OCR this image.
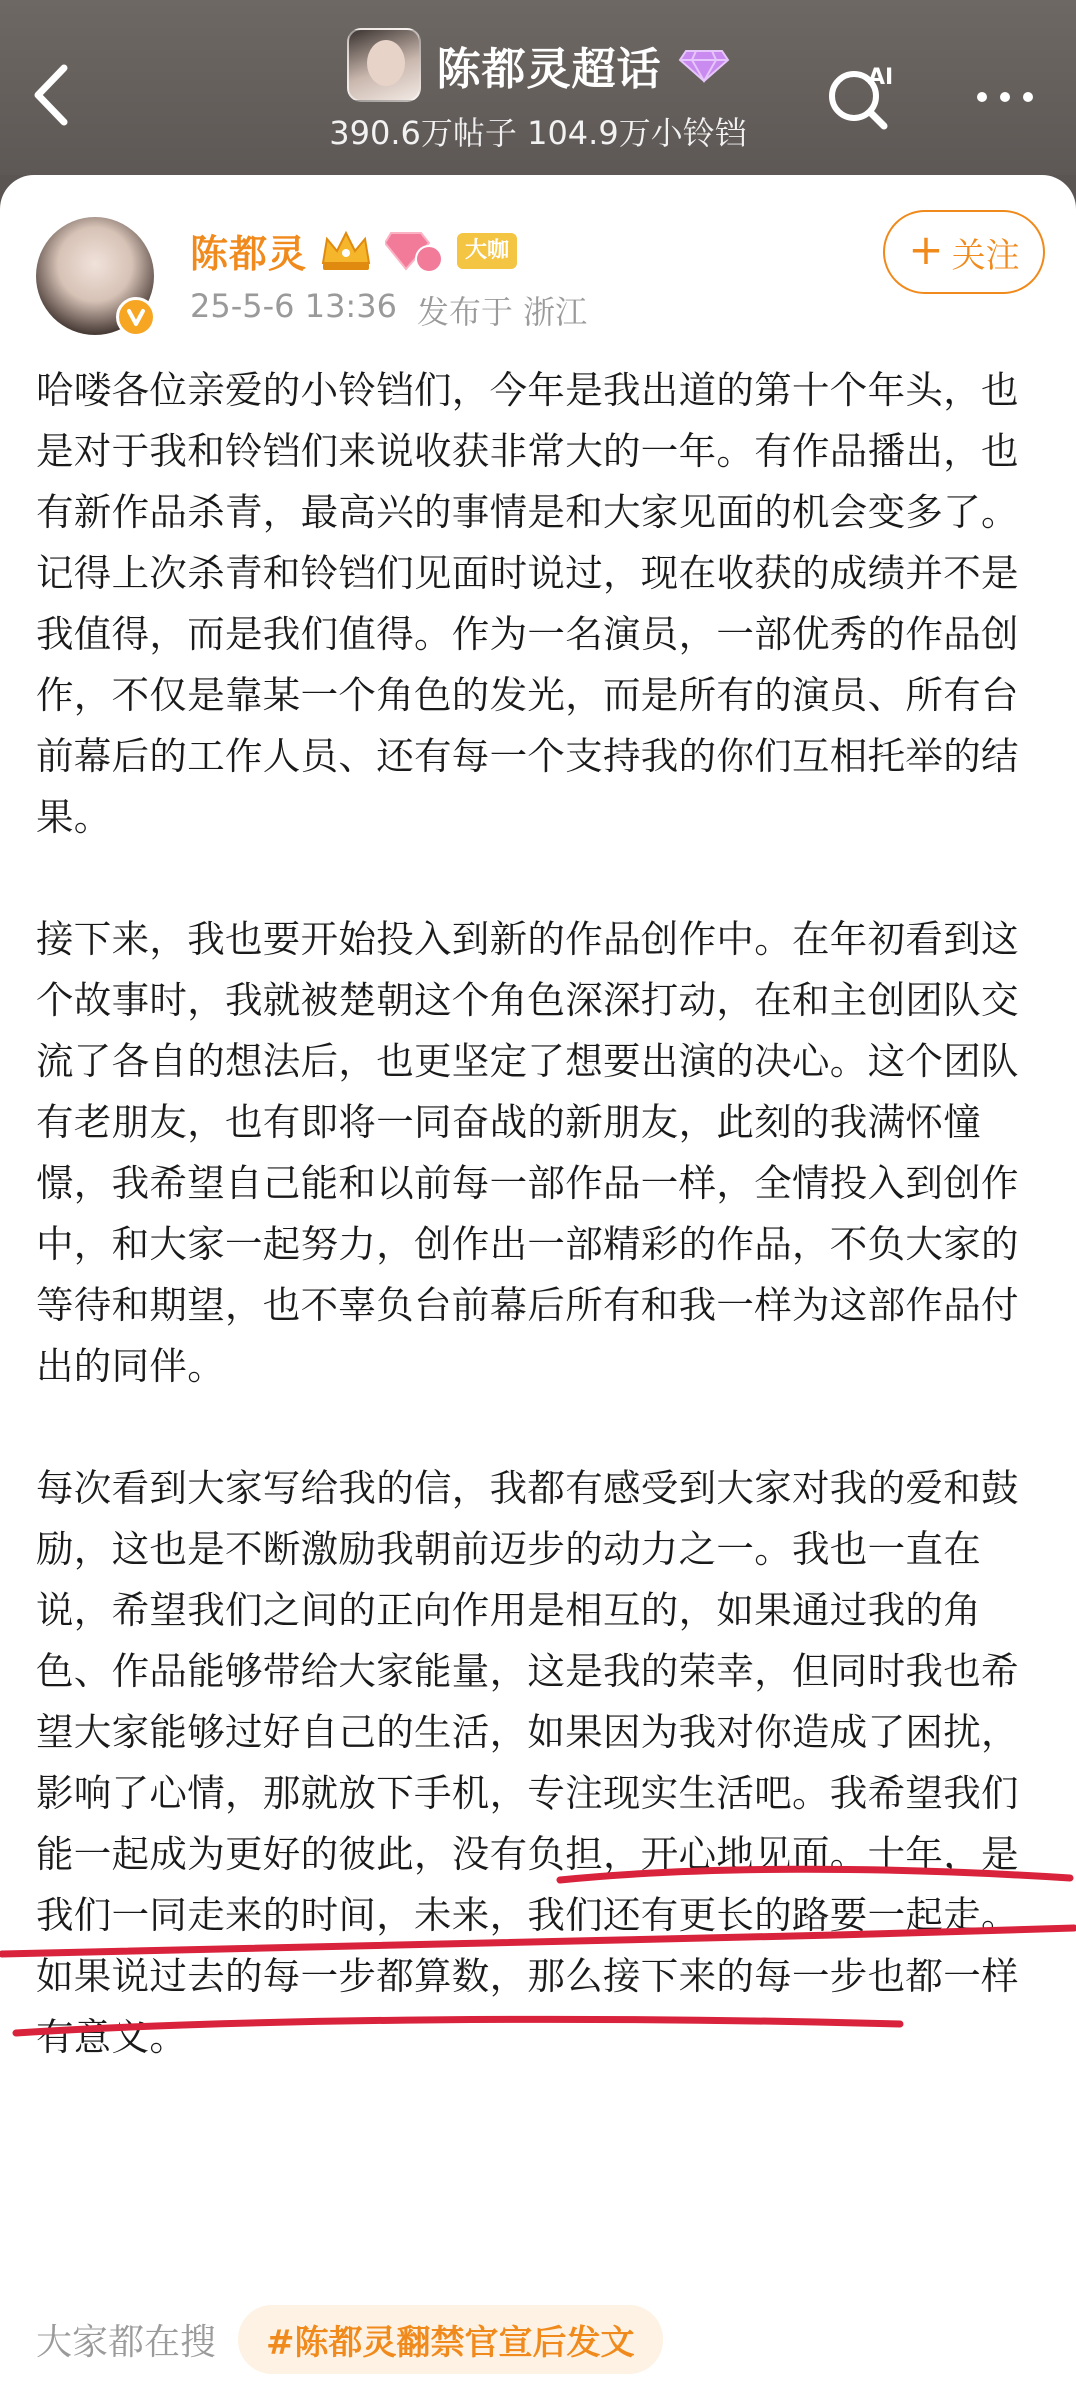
陈都灵超话
390.6万帖子 104.9万小铃铛
AI
陈都灵	大咖
25-5-6 13:36 发布于 浙江
+ 关注

哈喽各位亲爱的小铃铛们，今年是我出道的第十个年头，也是对于我和铃铛们来说收获非常大的一年。有作品播出，也有新作品杀青，最高兴的事情是和大家见面的机会变多了。

记得上次杀青和铃铛们见面时说过，现在收获的成绩并不是我值得，而是我们值得。作为一名演员，一部优秀的作品创作，不仅是靠某一个角色的发光，而是所有的演员、所有台前幕后的工作人员、还有每一个支持我的你们互相托举的结果。

接下来，我也要开始投入到新的作品创作中。在年初看到这个故事时，我就被楚朝这个角色深深打动，在和主创团队交流了各自的想法后，也更坚定了想要出演的决心。这个团队有老朋友，也有即将一同奋战的新朋友，此刻的我满怀憧憬，我希望自己能和以前每一部作品一样，全情投入到创作中，和大家一起努力，创作出一部精彩的作品，不负大家的等待和期望，也不辜负台前幕后所有和我一样为这部作品付出的同伴。

每次看到大家写给我的信，我都有感受到大家对我的爱和鼓励，这也是不断激励我朝前迈步的动力之一。我也一直在说，希望我们之间的正向作用是相互的，如果通过我的角色、作品能够带给大家能量，这是我的荣幸，但同时我也希望大家能够过好自己的生活，如果因为我对你造成了困扰，影响了心情，那就放下手机，专注现实生活吧。我希望我们能一起成为更好的彼此，没有负担，开心地见面。十年，是我们一同走来的时间，未来，我们还有更长的路要一起走。如果说过去的每一步都算数，那么接下来的每一步也都一样有意义。

大家都在搜	#陈都灵翻禁官宣后发文
